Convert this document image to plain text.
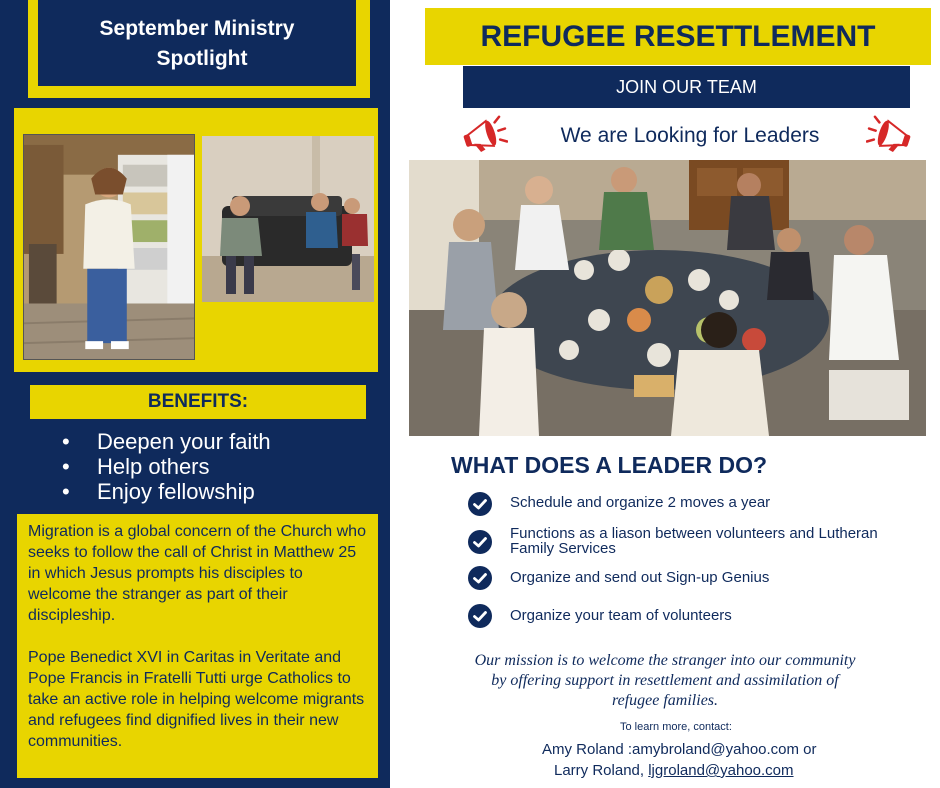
September Ministry
Spotlight
BENEFITS:
• Deepen your faith
• Help others
• Enjoy fellowship

Migration is a global concern of the Church who seeks to follow the call of Christ in Matthew 25 in which Jesus prompts his disciples to welcome the stranger as part of their discipleship.

Pope Benedict XVI in Caritas in Veritate and Pope Francis in Fratelli Tutti urge Catholics to take an active role in helping welcome migrants and refugees find dignified lives in their new communities.

REFUGEE RESETTLEMENT
JOIN OUR TEAM
We are Looking for Leaders
WHAT DOES A LEADER DO?
Schedule and organize 2 moves a year
Functions as a liason between volunteers and Lutheran Family Services
Organize and send out Sign-up Genius
Organize your team of volunteers
Our mission is to welcome the stranger into our community by offering support in resettlement and assimilation of refugee families.
To learn more, contact:
Amy Roland :amybroland@yahoo.com or
Larry Roland, ljgroland@yahoo.com
